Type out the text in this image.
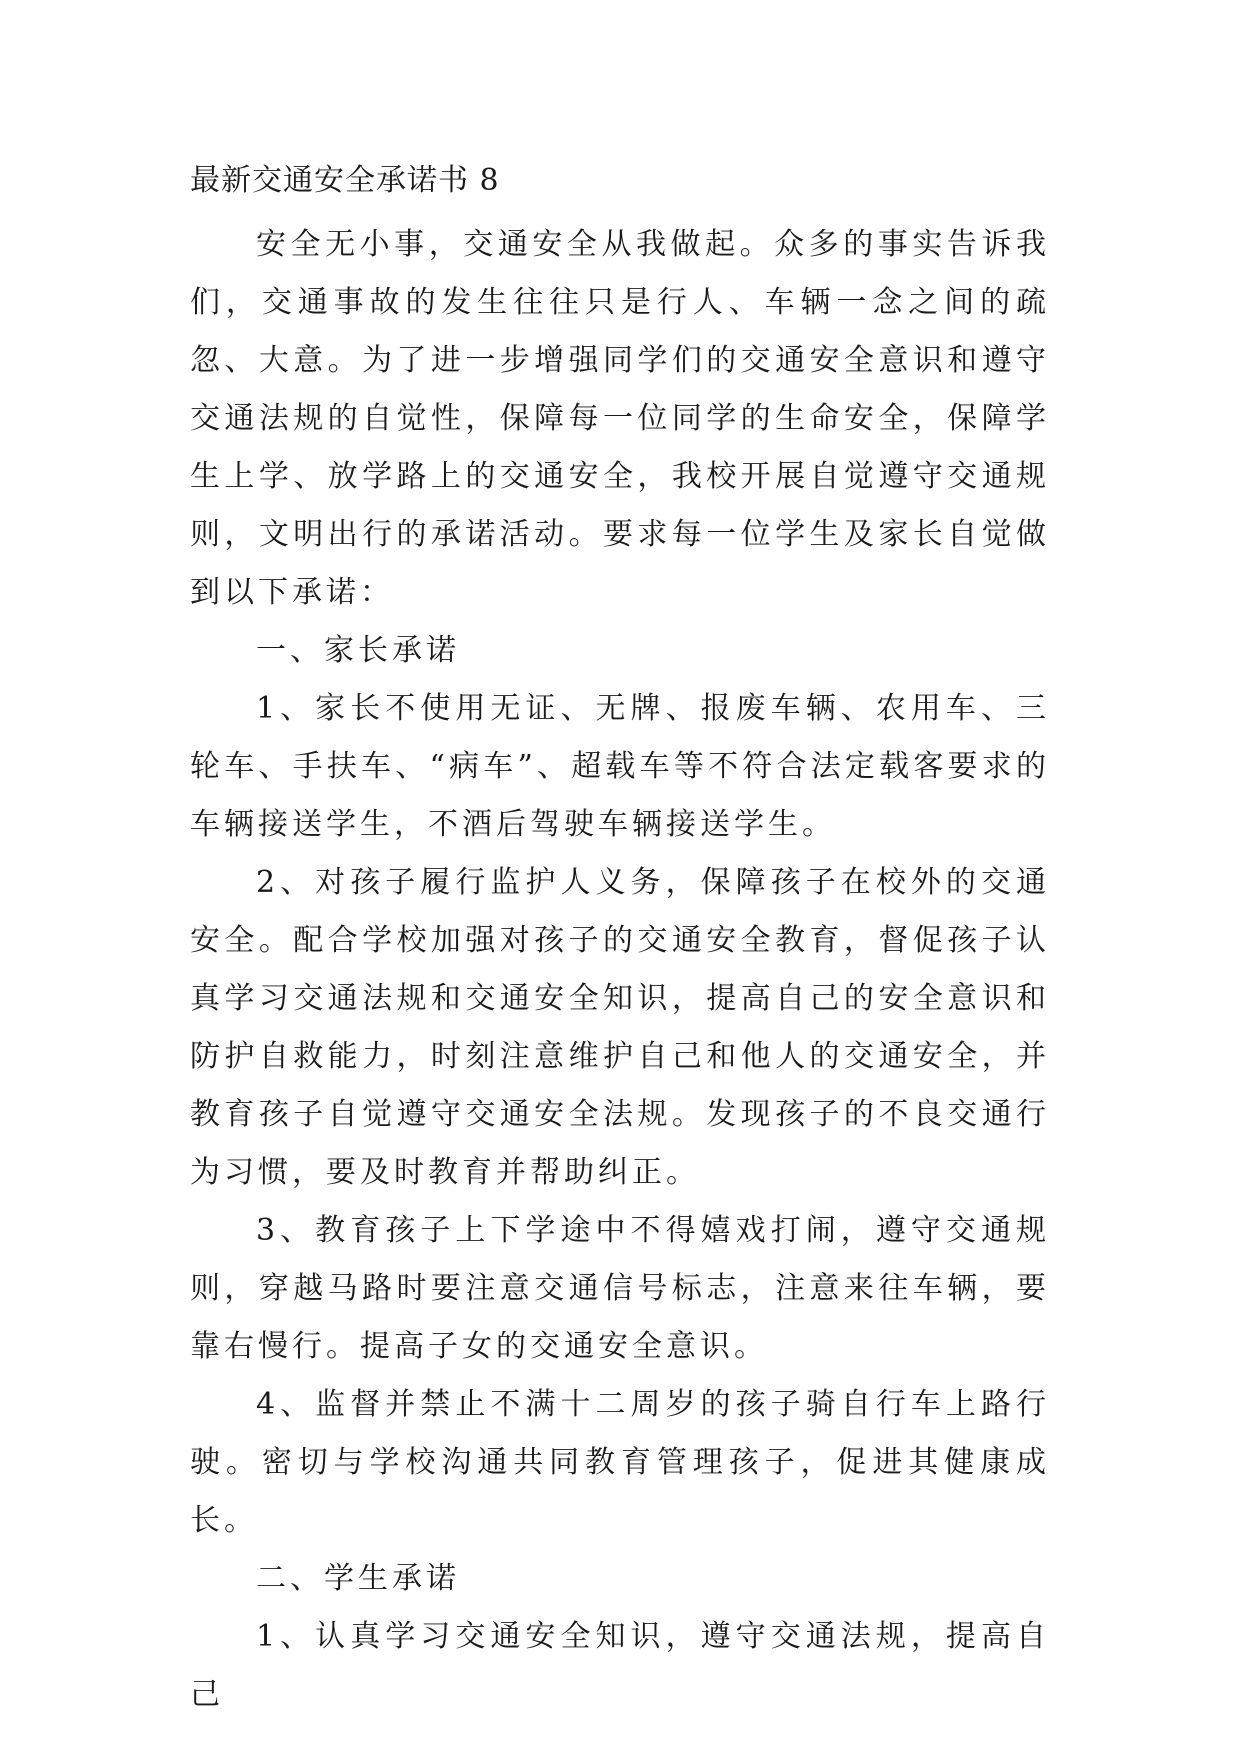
最新交通安全承诺书 8

安全无小事，交通安全从我做起。众多的事实告诉我们，交通事故的发生往往只是行人、车辆一念之间的疏忽、大意。为了进一步增强同学们的交通安全意识和遵守交通法规的自觉性，保障每一位同学的生命安全，保障学生上学、放学路上的交通安全，我校开展自觉遵守交通规则，文明出行的承诺活动。要求每一位学生及家长自觉做到以下承诺：

一、家长承诺

1、家长不使用无证、无牌、报废车辆、农用车、三轮车、手扶车、“病车”、超载车等不符合法定载客要求的车辆接送学生，不酒后驾驶车辆接送学生。

2、对孩子履行监护人义务，保障孩子在校外的交通安全。配合学校加强对孩子的交通安全教育，督促孩子认真学习交通法规和交通安全知识，提高自己的安全意识和防护自救能力，时刻注意维护自己和他人的交通安全，并教育孩子自觉遵守交通安全法规。发现孩子的不良交通行为习惯，要及时教育并帮助纠正。

3、教育孩子上下学途中不得嬉戏打闹，遵守交通规则，穿越马路时要注意交通信号标志，注意来往车辆，要靠右慢行。提高子女的交通安全意识。

4、监督并禁止不满十二周岁的孩子骑自行车上路行驶。密切与学校沟通共同教育管理孩子，促进其健康成长。

二、学生承诺

1、认真学习交通安全知识，遵守交通法规，提高自己
